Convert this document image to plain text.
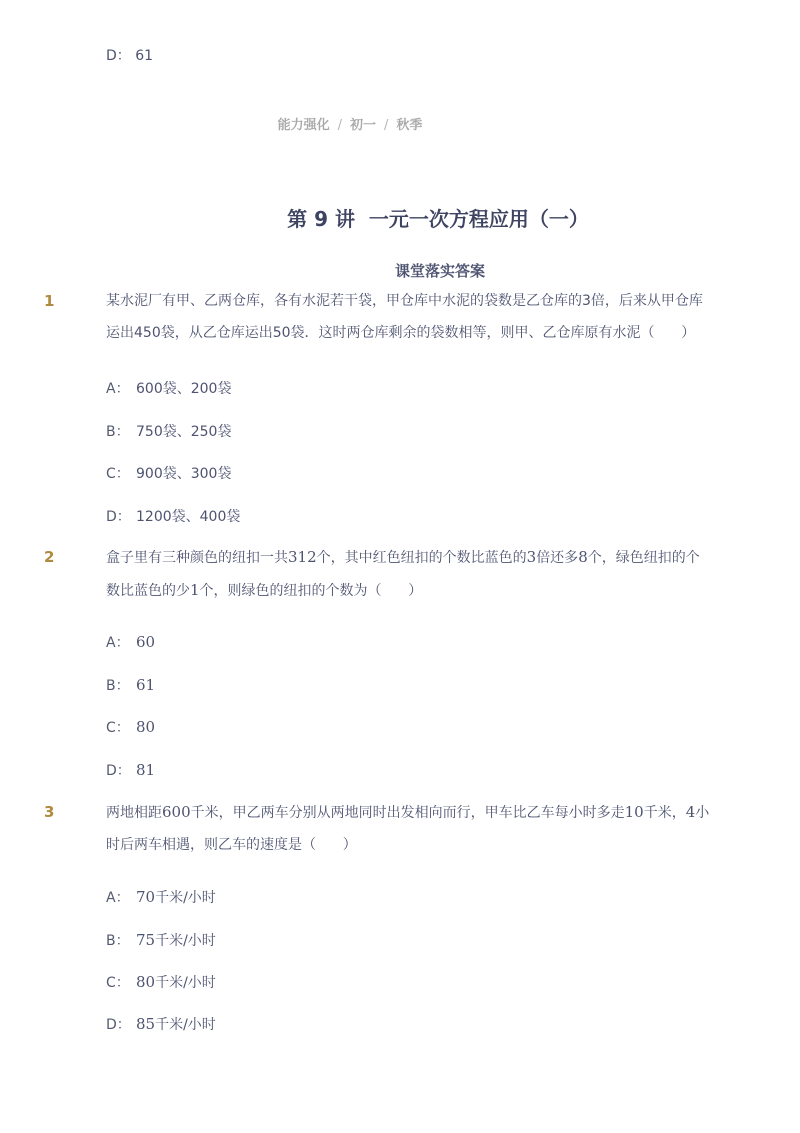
D： 61
能力强化 / 初一 / 秋季
第 9 讲  一元一次方程应用（一）
课堂落实答案
1	某水泥厂有甲、乙两仓库，各有水泥若干袋，甲仓库中水泥的袋数是乙仓库的3倍，后来从甲仓库
运出450袋，从乙仓库运出50袋．这时两仓库剩余的袋数相等，则甲、乙仓库原有水泥（      ）
A： 600袋、200袋
B： 750袋、250袋
C： 900袋、300袋
D： 1200袋、400袋
2	盒子里有三种颜色的纽扣一共312个，其中红色纽扣的个数比蓝色的3倍还多8个，绿色纽扣的个
数比蓝色的少1个，则绿色的纽扣的个数为（      ）
A： 60
B： 61
C： 80
D： 81
3	两地相距600千米，甲乙两车分别从两地同时出发相向而行，甲车比乙车每小时多走10千米，4小
时后两车相遇，则乙车的速度是（      ）
A： 70千米/小时
B： 75千米/小时
C： 80千米/小时
D： 85千米/小时
